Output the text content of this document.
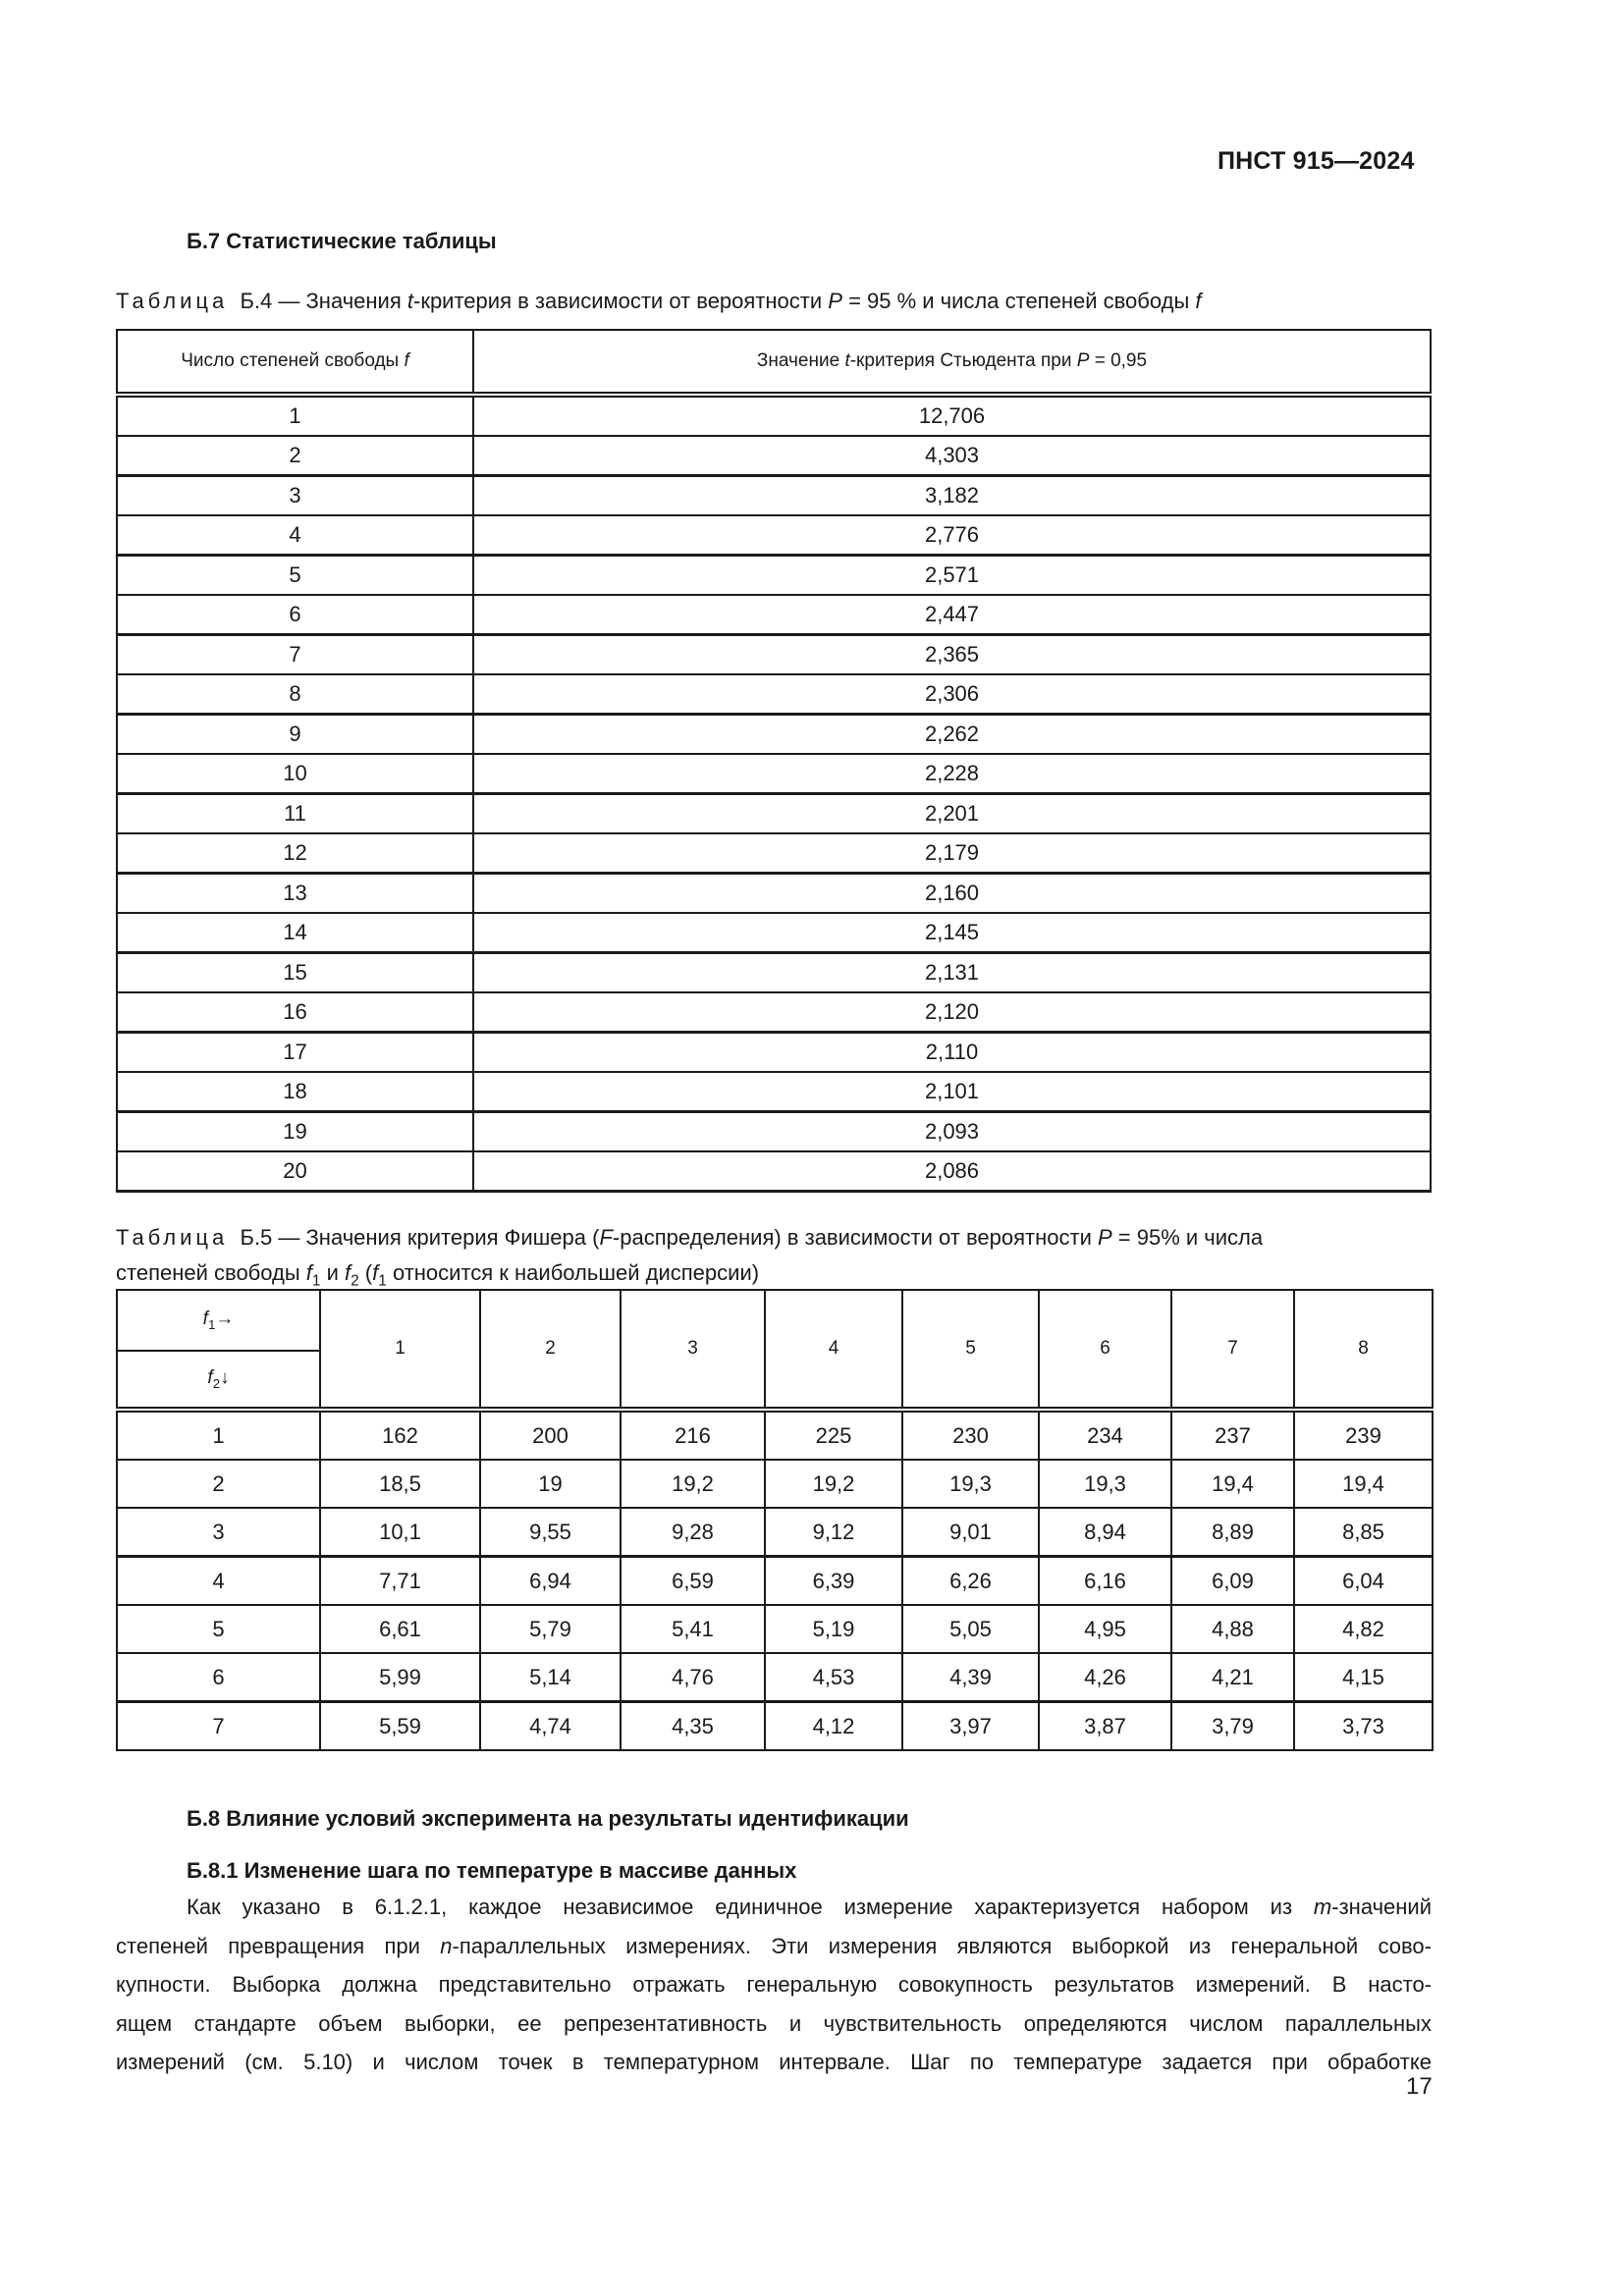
ПНСТ 915—2024
Б.7 Статистические таблицы
Таблица Б.4 — Значения t-критерия в зависимости от вероятности P = 95 % и числа степеней свободы f
Число степеней свободы f	Значение t-критерия Стьюдента при P = 0,95
1	12,706
2	4,303
3	3,182
4	2,776
5	2,571
6	2,447
7	2,365
8	2,306
9	2,262
10	2,228
11	2,201
12	2,179
13	2,160
14	2,145
15	2,131
16	2,120
17	2,110
18	2,101
19	2,093
20	2,086
Таблица Б.5 — Значения критерия Фишера (F-распределения) в зависимости от вероятности P = 95% и числа
степеней свободы $f_1$ и $f_2$ ($f_1$ относится к наибольшей дисперсии)
$f_1\to$	1	2	3	4	5	6	7	8
$f_2↓$								
1	162	200	216	225	230	234	237	239
2	18,5	19	19,2	19,2	19,3	19,3	19,4	19,4
3	10,1	9,55	9,28	9,12	9,01	8,94	8,89	8,85
4	7,71	6,94	6,59	6,39	6,26	6,16	6,09	6,04
5	6,61	5,79	5,41	5,19	5,05	4,95	4,88	4,82
6	5,99	5,14	4,76	4,53	4,39	4,26	4,21	4,15
7	5,59	4,74	4,35	4,12	3,97	3,87	3,79	3,73
Б.8 Влияние условий эксперимента на результаты идентификации
Б.8.1 Изменение шага по температуре в массиве данных
Как указано в 6.1.2.1, каждое независимое единичное измерение характеризуется набором из m-значений
степеней превращения при n-параллельных измерениях. Эти измерения являются выборкой из генеральной сово-
купности. Выборка должна представительно отражать генеральную совокупность результатов измерений. В насто-
ящем стандарте объем выборки, ее репрезентативность и чувствительность определяются числом параллельных
измерений (см. 5.10) и числом точек в температурном интервале. Шаг по температуре задается при обработке
17
